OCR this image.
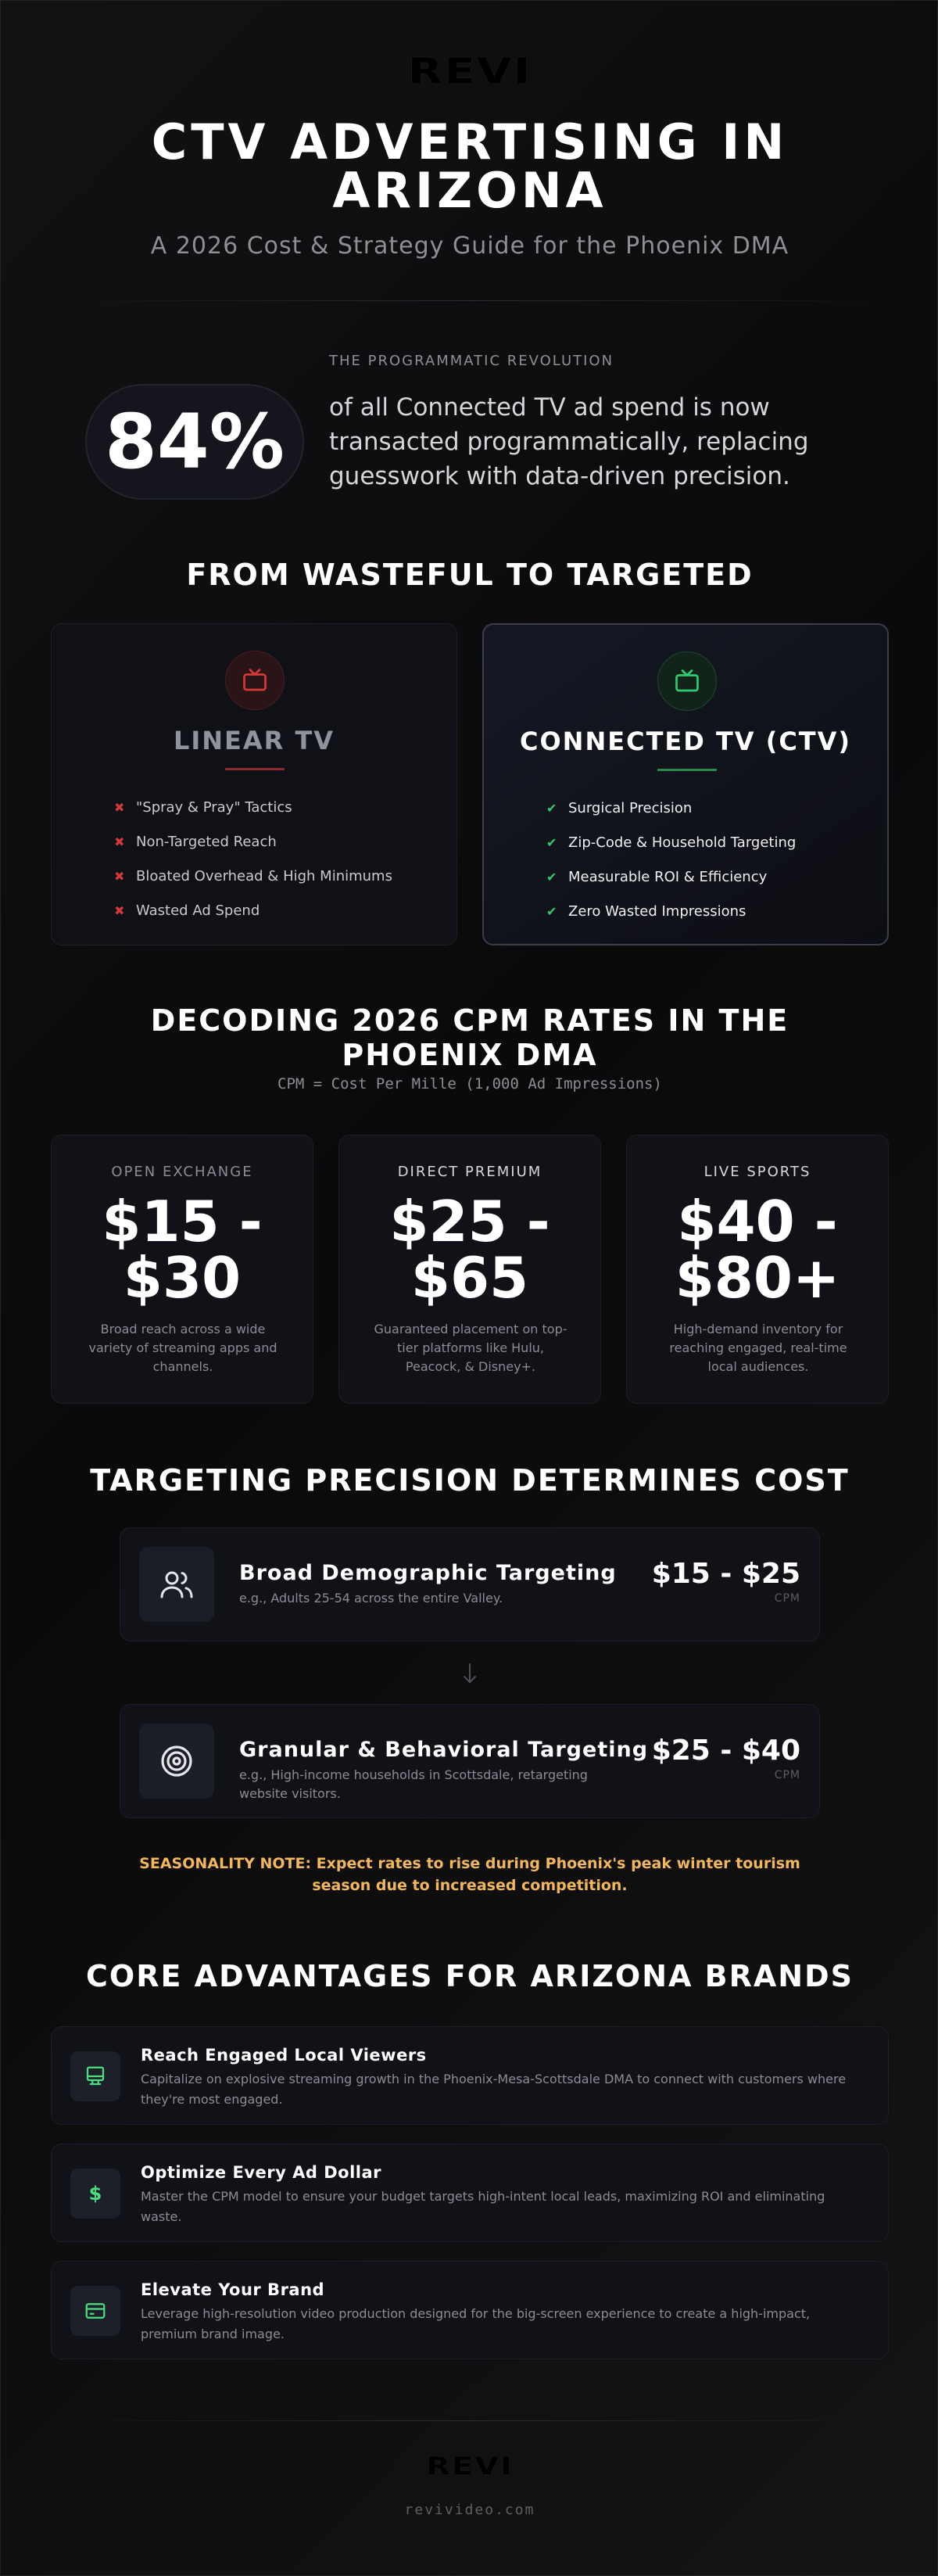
REVI
CTV ADVERTISING IN ARIZONA
A 2026 Cost & Strategy Guide for the Phoenix DMA
THE PROGRAMMATIC REVOLUTION
84%	of all Connected TV ad spend is now transacted programmatically, replacing guesswork with data-driven precision.
FROM WASTEFUL TO TARGETED
LINEAR TV
✖ "Spray & Pray" Tactics
✖ Non-Targeted Reach
✖ Bloated Overhead & High Minimums
✖ Wasted Ad Spend
CONNECTED TV (CTV)
✔ Surgical Precision
✔ Zip-Code & Household Targeting
✔ Measurable ROI & Efficiency
✔ Zero Wasted Impressions
DECODING 2026 CPM RATES IN THE PHOENIX DMA
CPM = Cost Per Mille (1,000 Ad Impressions)
OPEN EXCHANGE
$15 - $30
Broad reach across a wide variety of streaming apps and channels.
DIRECT PREMIUM
$25 - $65
Guaranteed placement on top-tier platforms like Hulu, Peacock, & Disney+.
LIVE SPORTS
$40 - $80+
High-demand inventory for reaching engaged, real-time local audiences.
TARGETING PRECISION DETERMINES COST
Broad Demographic Targeting
e.g., Adults 25-54 across the entire Valley.
$15 - $25
CPM
Granular & Behavioral Targeting
e.g., High-income households in Scottsdale, retargeting website visitors.
$25 - $40
CPM
SEASONALITY NOTE: Expect rates to rise during Phoenix's peak winter tourism season due to increased competition.
CORE ADVANTAGES FOR ARIZONA BRANDS
Reach Engaged Local Viewers
Capitalize on explosive streaming growth in the Phoenix-Mesa-Scottsdale DMA to connect with customers where they're most engaged.
$
Optimize Every Ad Dollar
Master the CPM model to ensure your budget targets high-intent local leads, maximizing ROI and eliminating waste.
Elevate Your Brand
Leverage high-resolution video production designed for the big-screen experience to create a high-impact, premium brand image.
REVI
revivideo.com
